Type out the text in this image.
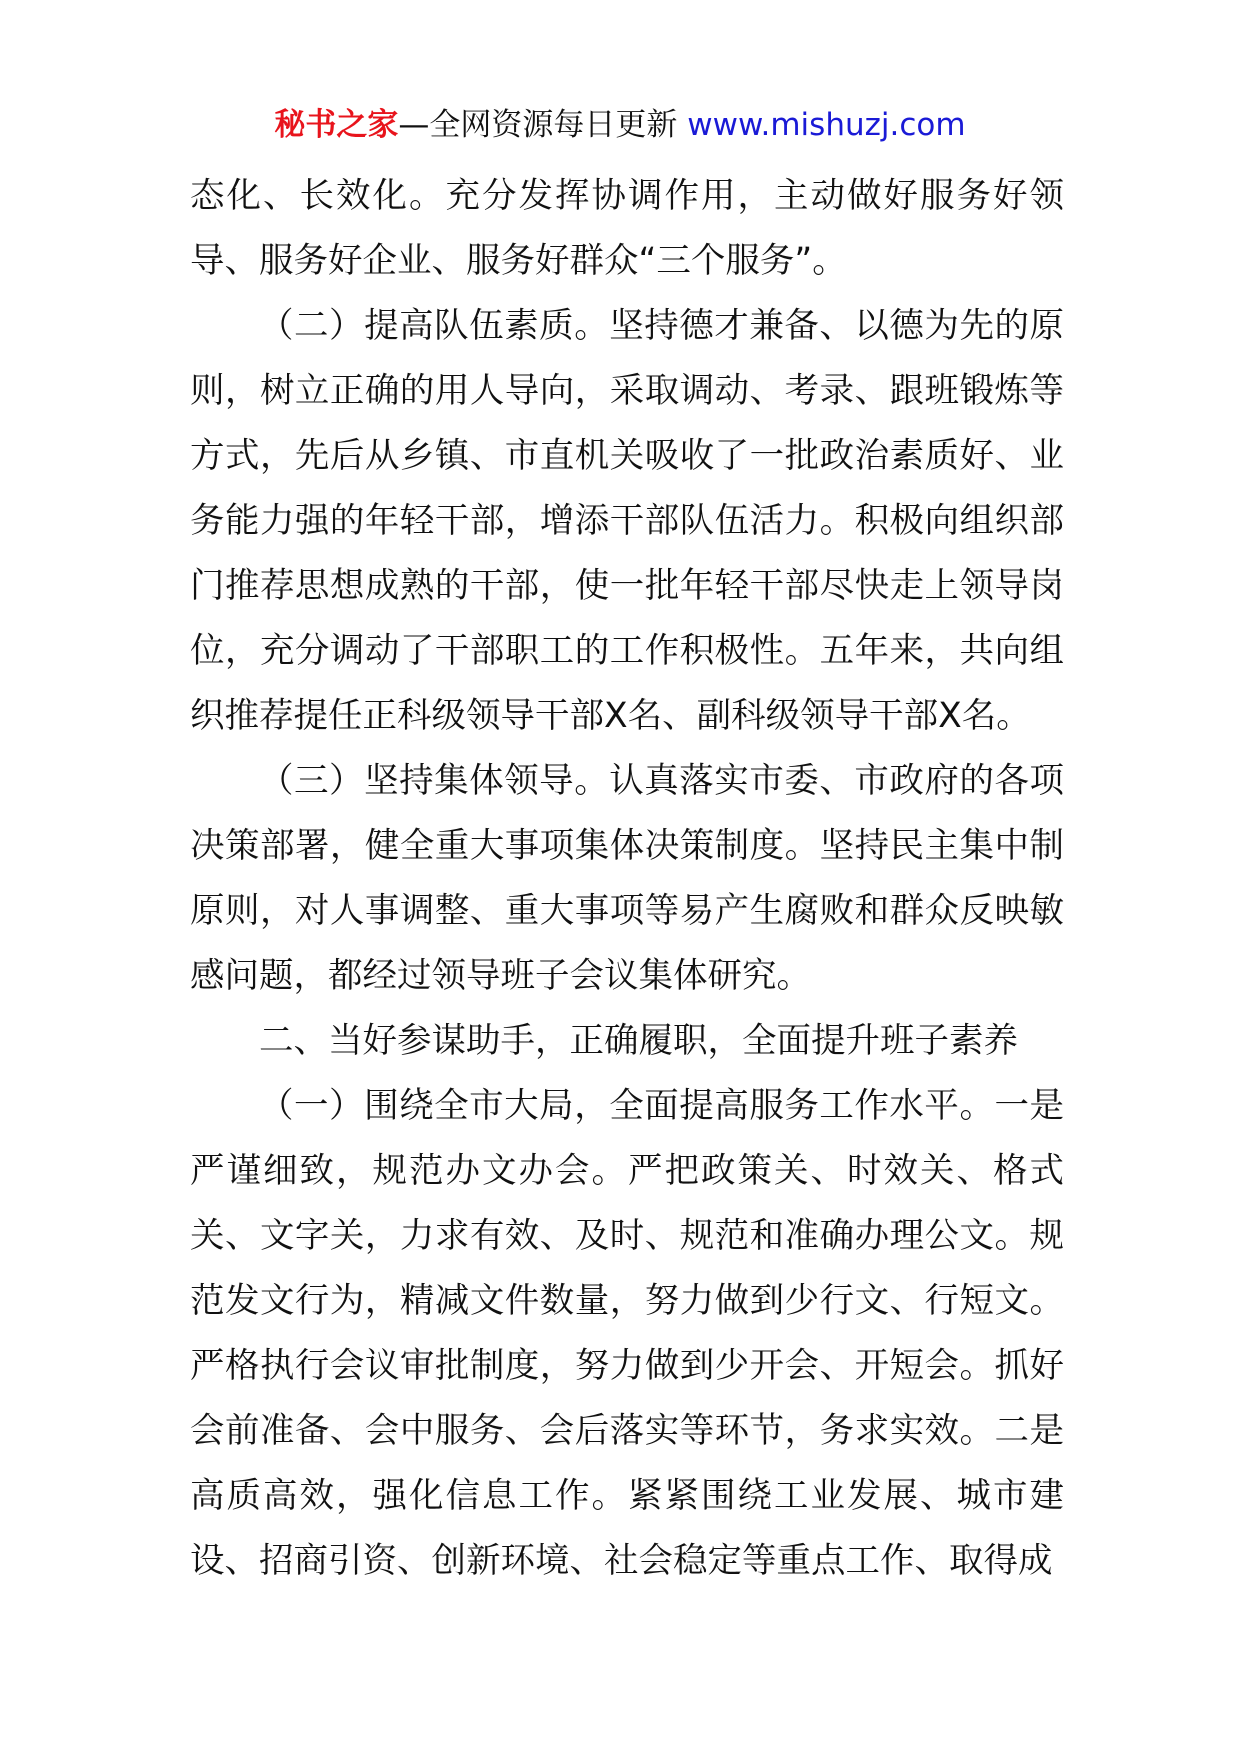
秘书之家—全网资源每日更新 www.mishuzj.com

态化、长效化。充分发挥协调作用，主动做好服务好领导、服务好企业、服务好群众“三个服务”。

（二）提高队伍素质。坚持德才兼备、以德为先的原则，树立正确的用人导向，采取调动、考录、跟班锻炼等方式，先后从乡镇、市直机关吸收了一批政治素质好、业务能力强的年轻干部，增添干部队伍活力。积极向组织部门推荐思想成熟的干部，使一批年轻干部尽快走上领导岗位，充分调动了干部职工的工作积极性。五年来，共向组织推荐提任正科级领导干部X名、副科级领导干部X名。

（三）坚持集体领导。认真落实市委、市政府的各项决策部署，健全重大事项集体决策制度。坚持民主集中制原则，对人事调整、重大事项等易产生腐败和群众反映敏感问题，都经过领导班子会议集体研究。

二、当好参谋助手，正确履职，全面提升班子素养

（一）围绕全市大局，全面提高服务工作水平。一是严谨细致，规范办文办会。严把政策关、时效关、格式关、文字关，力求有效、及时、规范和准确办理公文。规范发文行为，精减文件数量，努力做到少行文、行短文。严格执行会议审批制度，努力做到少开会、开短会。抓好会前准备、会中服务、会后落实等环节，务求实效。二是高质高效，强化信息工作。紧紧围绕工业发展、城市建设、招商引资、创新环境、社会稳定等重点工作、取得成
